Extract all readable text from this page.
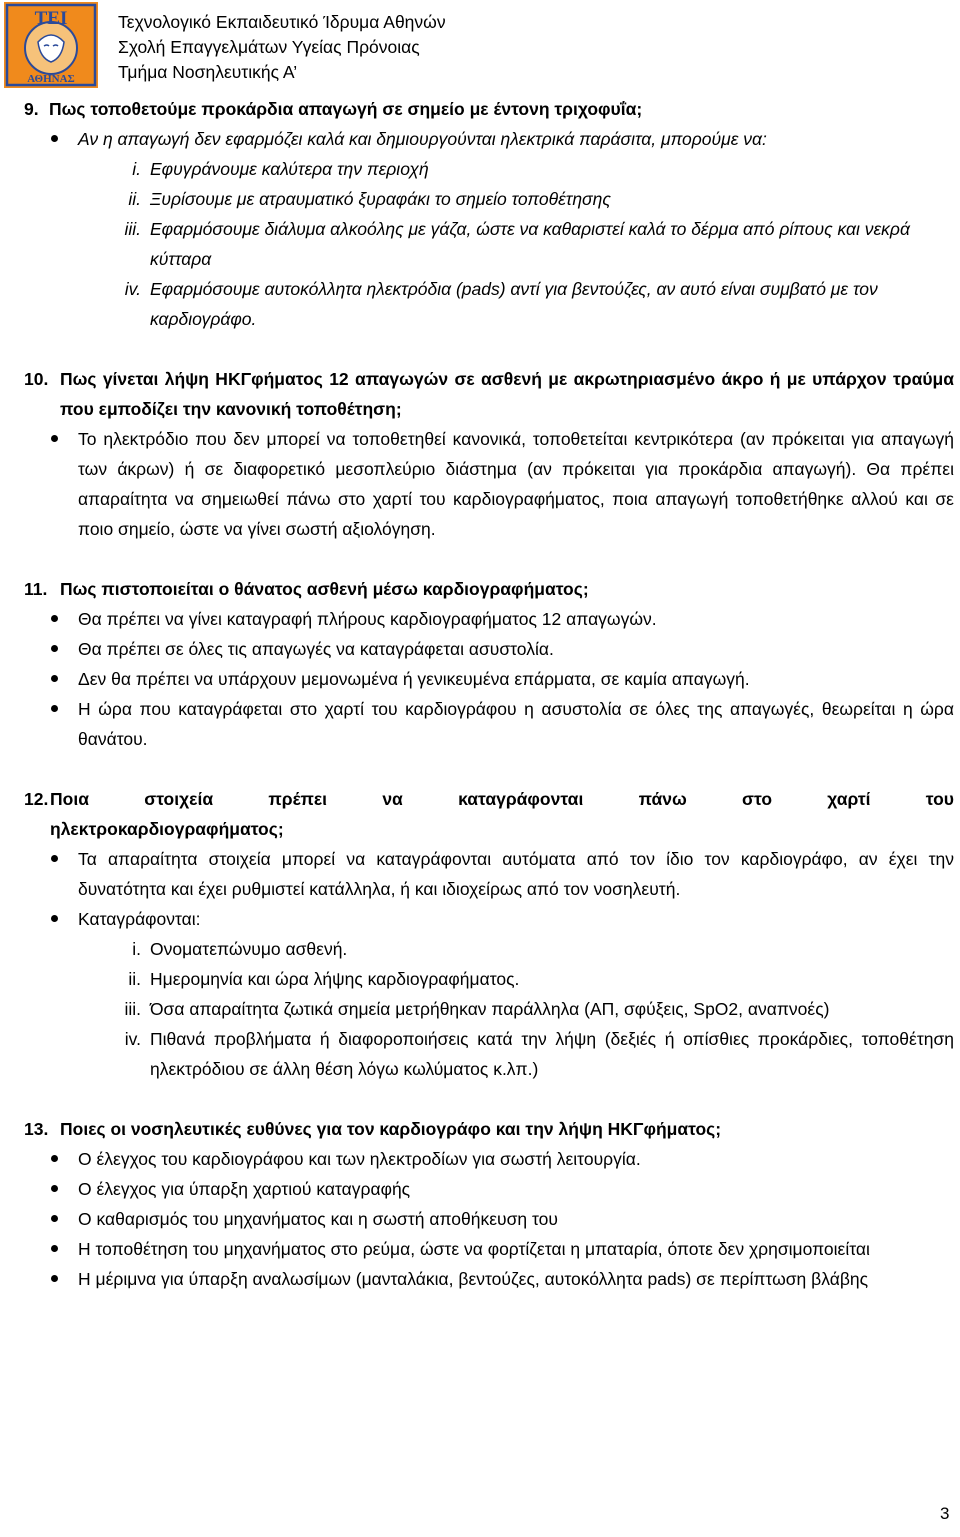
ΤΕΙ
ΑΘΗΝΑΣ
Τεχνολογικό Εκπαιδευτικό Ίδρυμα Αθηνών
Σχολή Επαγγελμάτων Υγείας Πρόνοιας
Τμήμα Νοσηλευτικής Α’
9. Πως τοποθετούμε προκάρδια απαγωγή σε σημείο με έντονη τριχοφυΐα;
Αν η απαγωγή δεν εφαρμόζει καλά και δημιουργούνται ηλεκτρικά παράσιτα, μπορούμε να:
i. Εφυγράνουμε καλύτερα την περιοχή
ii. Ξυρίσουμε με ατραυματικό ξυραφάκι το σημείο τοποθέτησης
iii. Εφαρμόσουμε διάλυμα αλκοόλης με γάζα, ώστε να καθαριστεί καλά το δέρμα από ρίπους και νεκρά κύτταρα
iv. Εφαρμόσουμε αυτοκόλλητα ηλεκτρόδια (pads) αντί για βεντούζες, αν αυτό είναι συμβατό με τον καρδιογράφο.
10. Πως γίνεται λήψη ΗΚΓφήματος 12 απαγωγών σε ασθενή με ακρωτηριασμένο άκρο ή με υπάρχον τραύμα που εμποδίζει την κανονική τοποθέτηση;
Το ηλεκτρόδιο που δεν μπορεί να τοποθετηθεί κανονικά, τοποθετείται κεντρικότερα (αν πρόκειται για απαγωγή των άκρων) ή σε διαφορετικό μεσοπλεύριο διάστημα (αν πρόκειται για προκάρδια απαγωγή). Θα πρέπει απαραίτητα να σημειωθεί πάνω στο χαρτί του καρδιογραφήματος, ποια απαγωγή τοποθετήθηκε αλλού και σε ποιο σημείο, ώστε να γίνει σωστή αξιολόγηση.
11. Πως πιστοποιείται ο θάνατος ασθενή μέσω καρδιογραφήματος;
Θα πρέπει να γίνει καταγραφή πλήρους καρδιογραφήματος 12 απαγωγών.
Θα πρέπει σε όλες τις απαγωγές να καταγράφεται ασυστολία.
Δεν θα πρέπει να υπάρχουν μεμονωμένα ή γενικευμένα επάρματα, σε καμία απαγωγή.
Η ώρα που καταγράφεται στο χαρτί του καρδιογράφου η ασυστολία σε όλες της απαγωγές, θεωρείται η ώρα θανάτου.
12. Ποια στοιχεία πρέπει να καταγράφονται πάνω στο χαρτί του
ηλεκτροκαρδιογραφήματος;
Τα απαραίτητα στοιχεία μπορεί να καταγράφονται αυτόματα από τον ίδιο τον καρδιογράφο, αν έχει την δυνατότητα και έχει ρυθμιστεί κατάλληλα, ή και ιδιοχείρως από τον νοσηλευτή.
Καταγράφονται:
i. Ονοματεπώνυμο ασθενή.
ii. Ημερομηνία και ώρα λήψης καρδιογραφήματος.
iii. Όσα απαραίτητα ζωτικά σημεία μετρήθηκαν παράλληλα (ΑΠ, σφύξεις, SpO2, αναπνοές)
iv. Πιθανά προβλήματα ή διαφοροποιήσεις κατά την λήψη (δεξιές ή οπίσθιες προκάρδιες, τοποθέτηση ηλεκτρόδιου σε άλλη θέση λόγω κωλύματος κ.λπ.)
13. Ποιες οι νοσηλευτικές ευθύνες για τον καρδιογράφο και την λήψη ΗΚΓφήματος;
Ο έλεγχος του καρδιογράφου και των ηλεκτροδίων για σωστή λειτουργία.
Ο έλεγχος για ύπαρξη χαρτιού καταγραφής
Ο καθαρισμός του μηχανήματος και η σωστή αποθήκευση του
Η τοποθέτηση του μηχανήματος στο ρεύμα, ώστε να φορτίζεται η μπαταρία, όποτε δεν χρησιμοποιείται
Η μέριμνα για ύπαρξη αναλωσίμων (μανταλάκια, βεντούζες, αυτοκόλλητα pads) σε περίπτωση βλάβης
3
